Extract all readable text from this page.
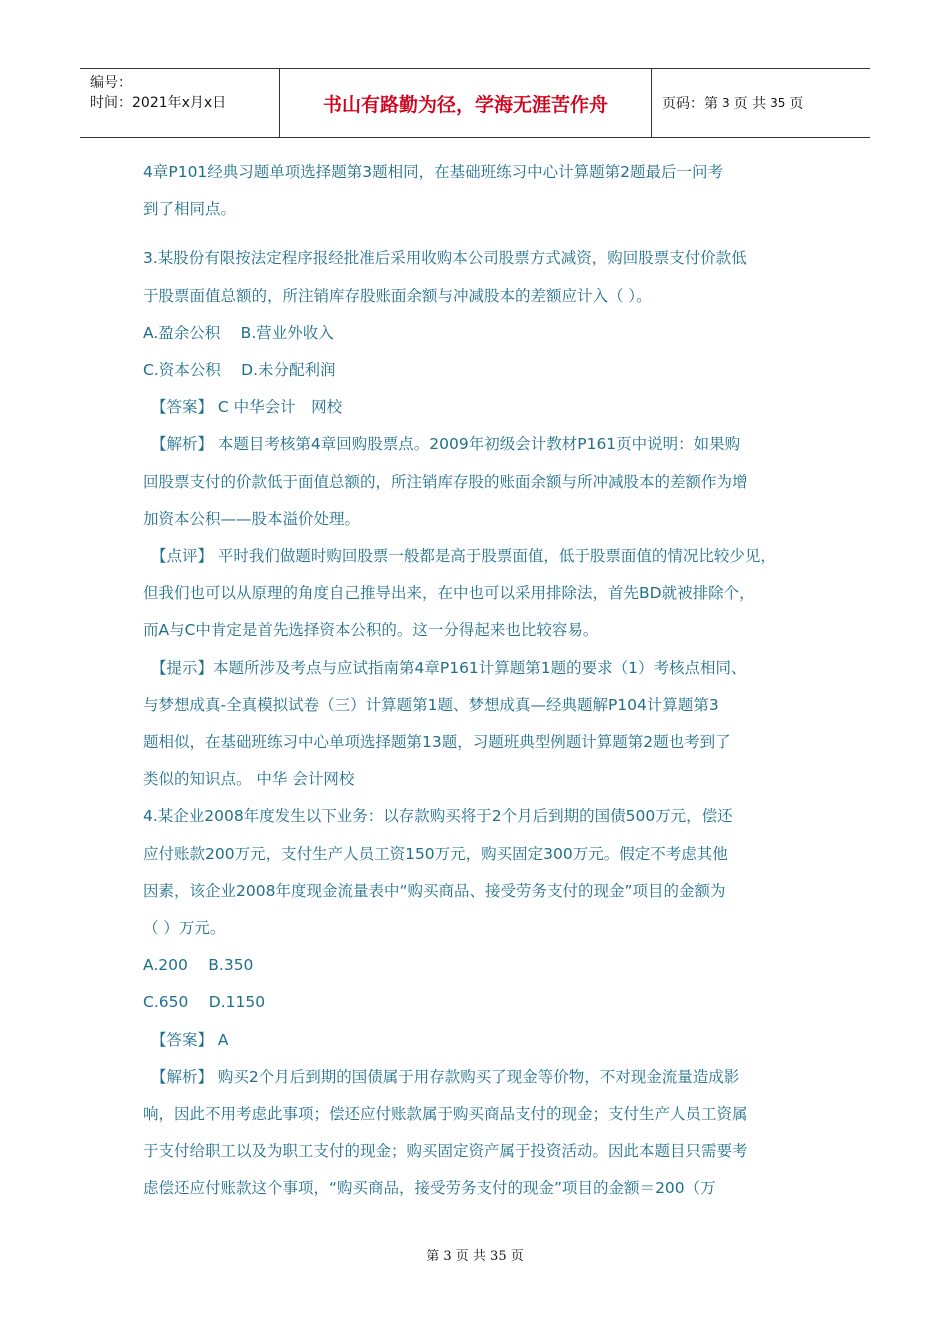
编号：
时间：2021年x月x日	书山有路勤为径，学海无涯苦作舟	页码：第 3 页 共 35 页

4章P101经典习题单项选择题第3题相同，在基础班练习中心计算题第2题最后一问考

到了相同点。

3.某股份有限按法定程序报经批准后采用收购本公司股票方式减资，购回股票支付价款低

于股票面值总额的，所注销库存股账面余额与冲减股本的差额应计入（ ）。

A.盈余公积　 B.营业外收入

C.资本公积　 D.未分配利润

【答案】 C 中华会计　网校

【解析】 本题目考核第4章回购股票点。2009年初级会计教材P161页中说明：如果购

回股票支付的价款低于面值总额的，所注销库存股的账面余额与所冲减股本的差额作为增

加资本公积——股本溢价处理。

【点评】 平时我们做题时购回股票一般都是高于股票面值，低于股票面值的情况比较少见，

但我们也可以从原理的角度自己推导出来，在中也可以采用排除法，首先BD就被排除个，

而A与C中肯定是首先选择资本公积的。这一分得起来也比较容易。

【提示】本题所涉及考点与应试指南第4章P161计算题第1题的要求（1）考核点相同、

与梦想成真-全真模拟试卷（三）计算题第1题、梦想成真—经典题解P104计算题第3

题相似，在基础班练习中心单项选择题第13题，习题班典型例题计算题第2题也考到了

类似的知识点。 中华 会计网校

4.某企业2008年度发生以下业务：以存款购买将于2个月后到期的国债500万元，偿还

应付账款200万元，支付生产人员工资150万元，购买固定300万元。假定不考虑其他

因素，该企业2008年度现金流量表中“购买商品、接受劳务支付的现金”项目的金额为

（ ）万元。

A.200　 B.350

C.650　 D.1150

【答案】 A

【解析】 购买2个月后到期的国债属于用存款购买了现金等价物，不对现金流量造成影

响，因此不用考虑此事项；偿还应付账款属于购买商品支付的现金；支付生产人员工资属

于支付给职工以及为职工支付的现金；购买固定资产属于投资活动。因此本题目只需要考

虑偿还应付账款这个事项，“购买商品，接受劳务支付的现金”项目的金额＝200（万

第 3 页 共 35 页
